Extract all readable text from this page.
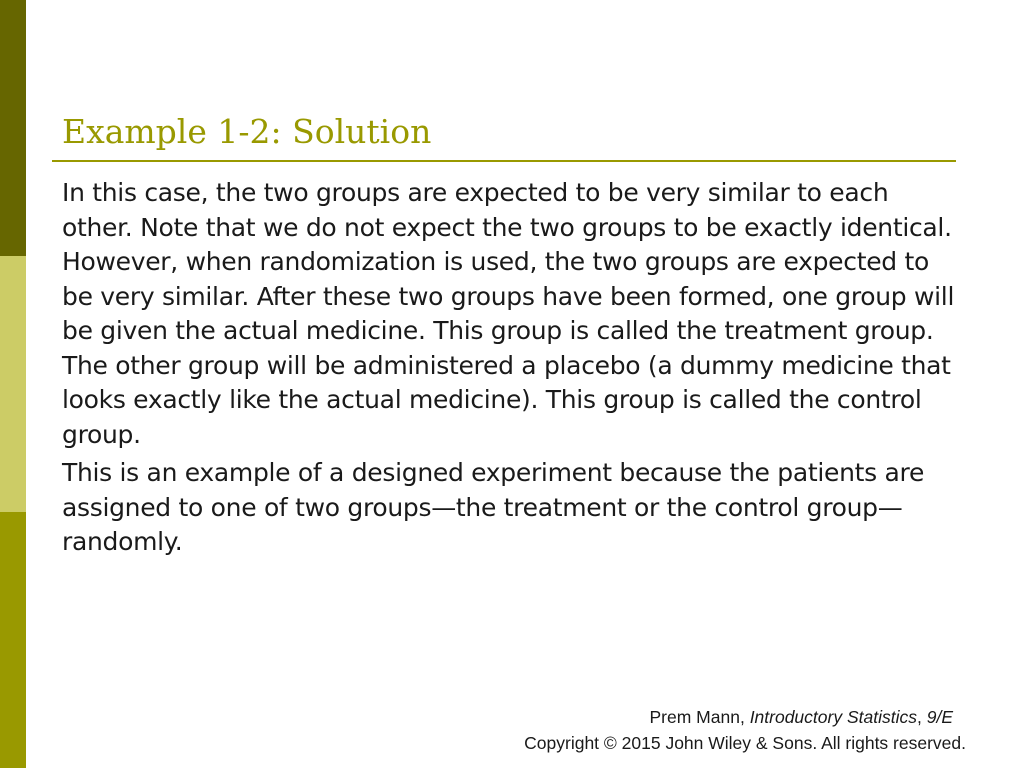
Example 1-2: Solution

In this case, the two groups are expected to be very similar to each other. Note that we do not expect the two groups to be exactly identical. However, when randomization is used, the two groups are expected to be very similar. After these two groups have been formed, one group will be given the actual medicine. This group is called the treatment group. The other group will be administered a placebo (a dummy medicine that looks exactly like the actual medicine). This group is called the control group.

This is an example of a designed experiment because the patients are assigned to one of two groups—the treatment or the control group—randomly.

Prem Mann, Introductory Statistics, 9/E
Copyright © 2015 John Wiley & Sons. All rights reserved.
